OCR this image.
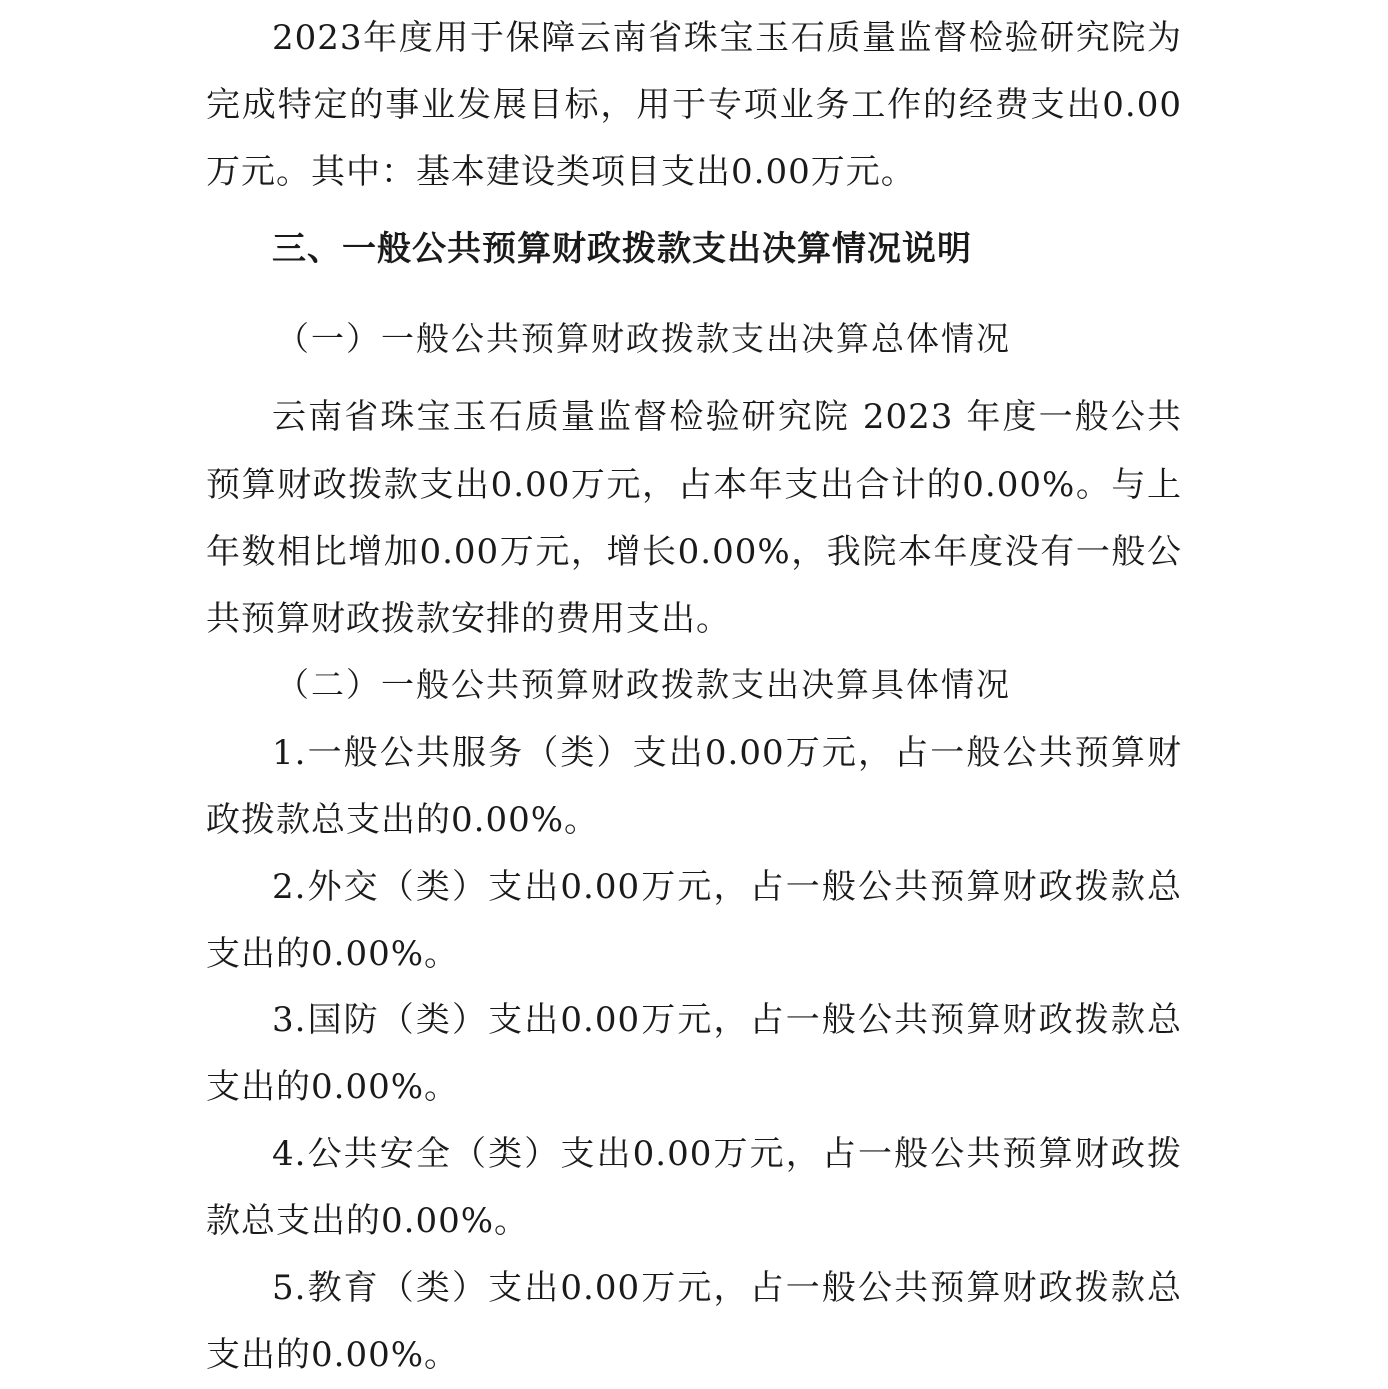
2023年度用于保障云南省珠宝玉石质量监督检验研究院为
完成特定的事业发展目标，用于专项业务工作的经费支出0.00
万元。其中：基本建设类项目支出0.00万元。
三、一般公共预算财政拨款支出决算情况说明
（一）一般公共预算财政拨款支出决算总体情况
云南省珠宝玉石质量监督检验研究院 2023 年度一般公共
预算财政拨款支出0.00万元，占本年支出合计的0.00%。与上
年数相比增加0.00万元，增长0.00%，我院本年度没有一般公
共预算财政拨款安排的费用支出。
（二）一般公共预算财政拨款支出决算具体情况
1.一般公共服务（类）支出0.00万元，占一般公共预算财
政拨款总支出的0.00%。
2.外交（类）支出0.00万元，占一般公共预算财政拨款总
支出的0.00%。
3.国防（类）支出0.00万元，占一般公共预算财政拨款总
支出的0.00%。
4.公共安全（类）支出0.00万元，占一般公共预算财政拨
款总支出的0.00%。
5.教育（类）支出0.00万元，占一般公共预算财政拨款总
支出的0.00%。
